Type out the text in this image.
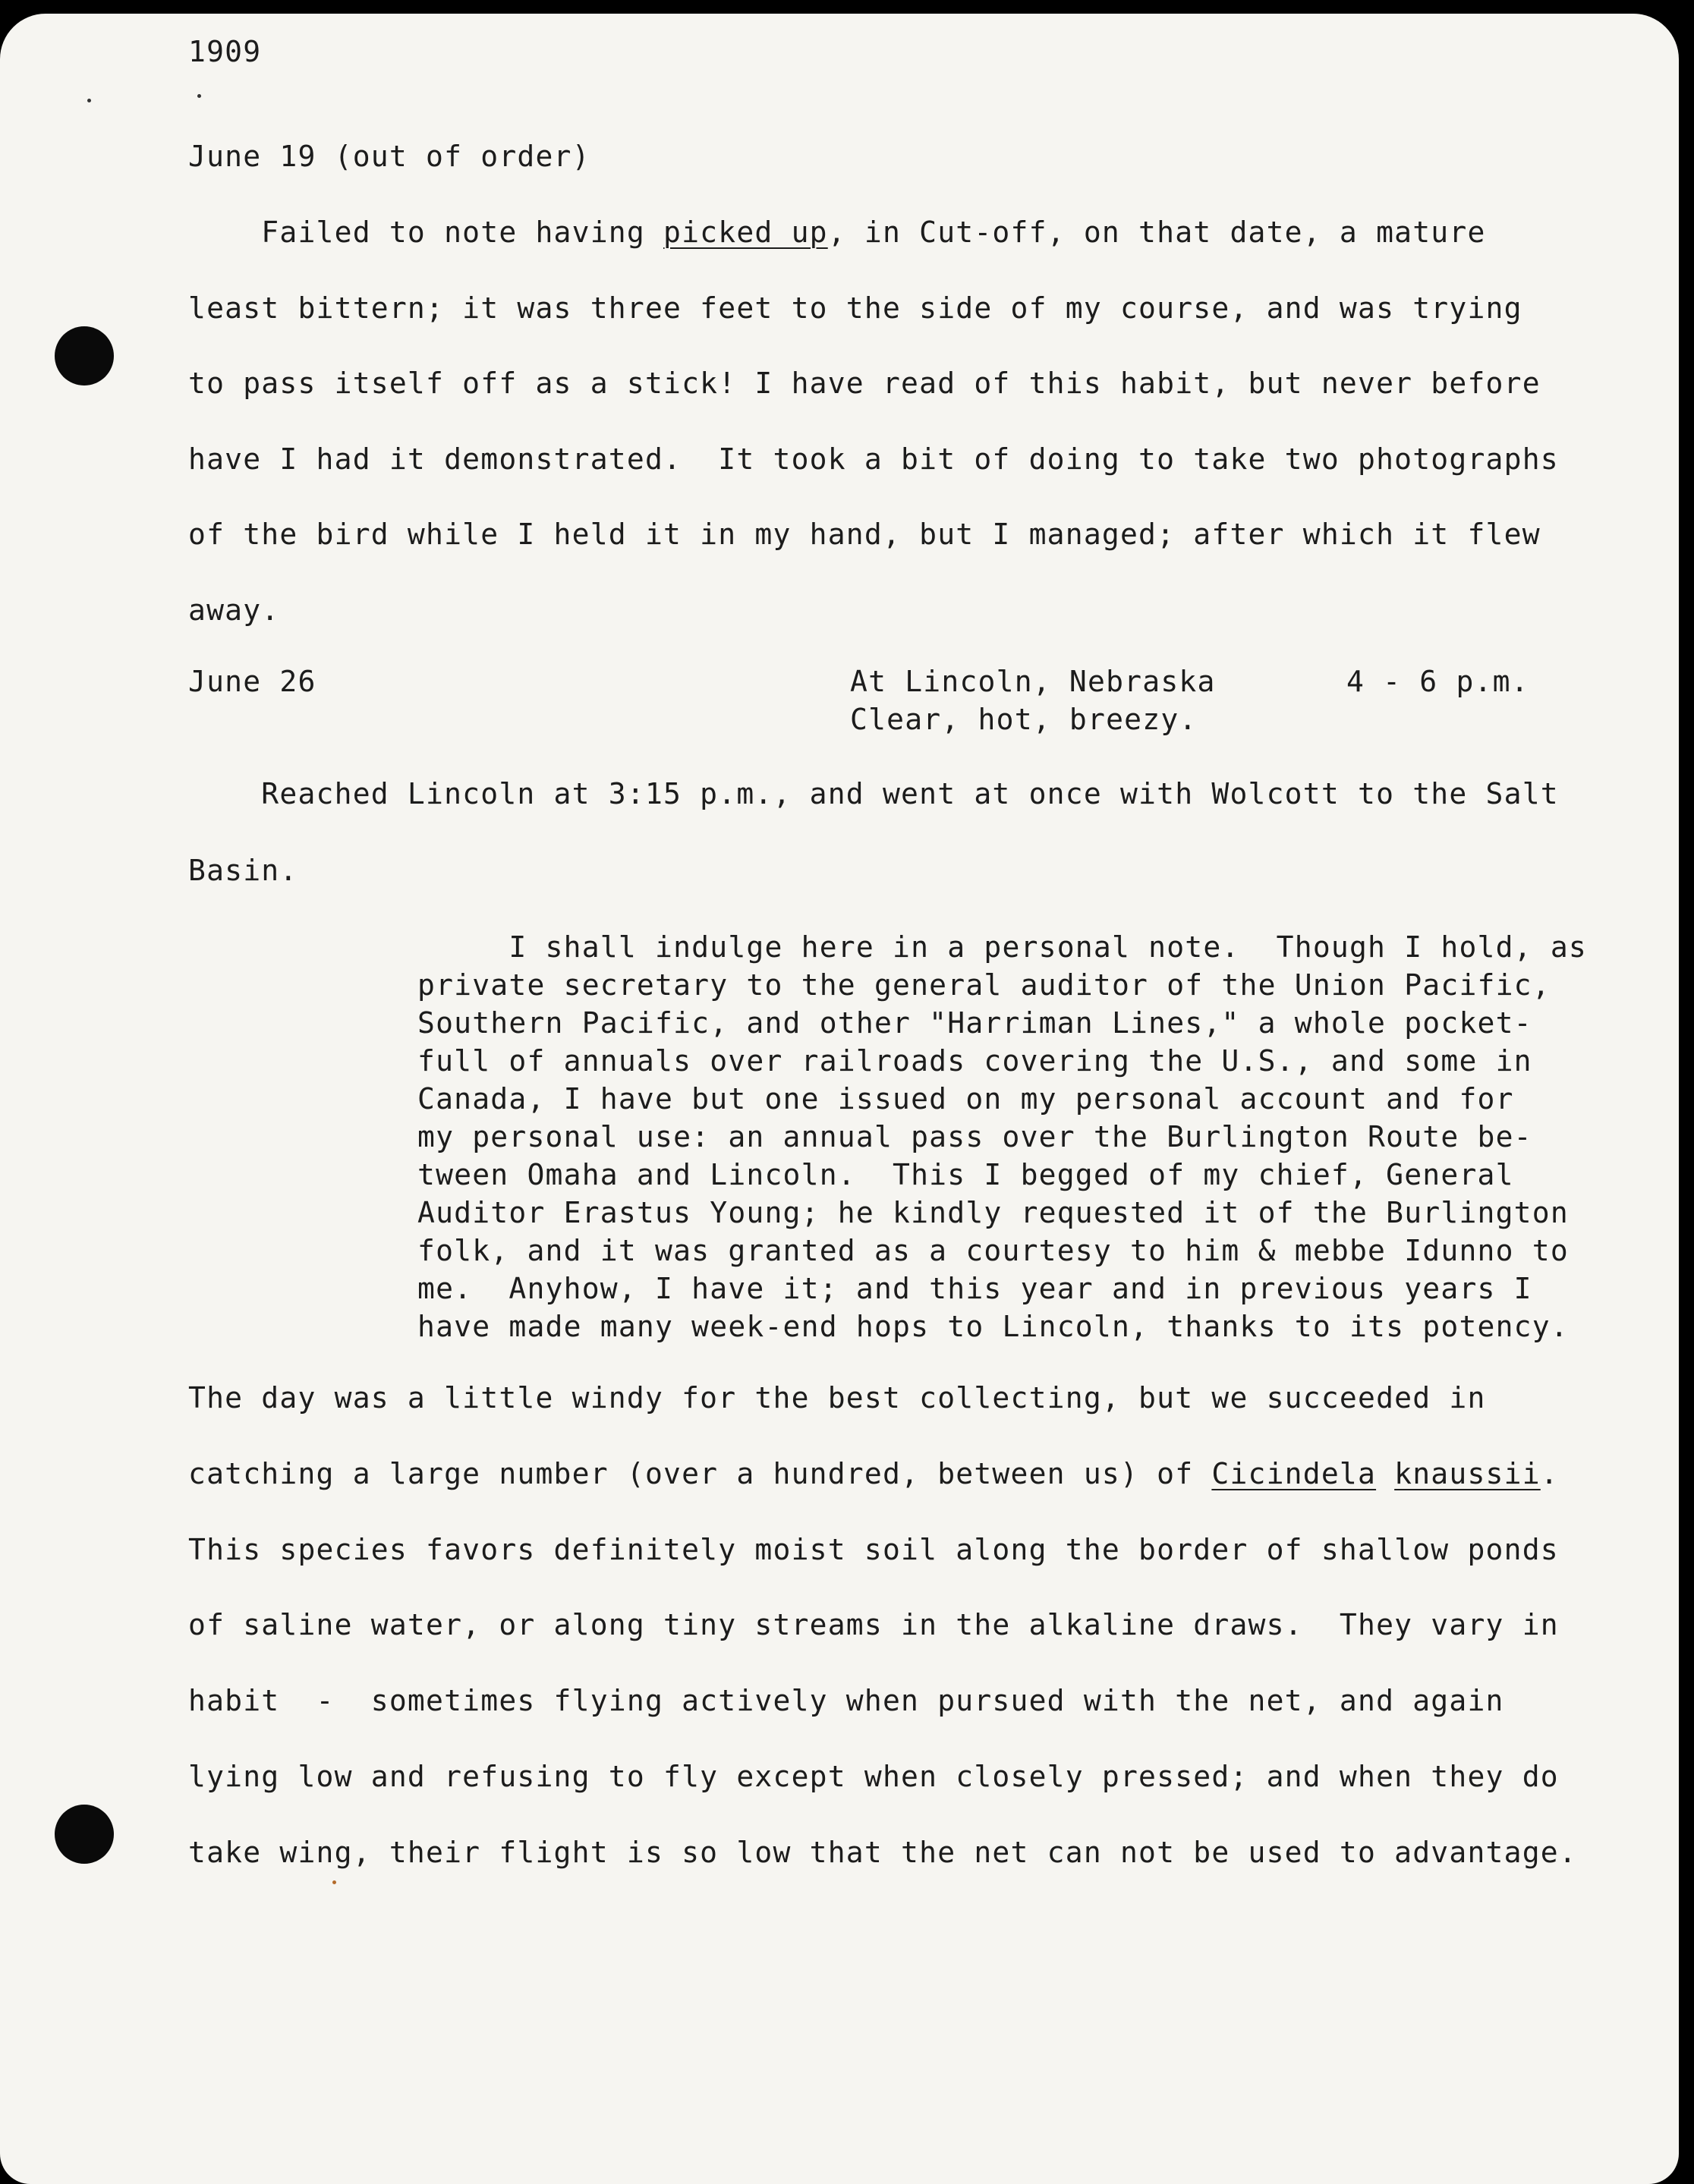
1909
June 19 (out of order)
Failed to note having picked up, in Cut-off, on that date, a mature
least bittern; it was three feet to the side of my course, and was trying
to pass itself off as a stick! I have read of this habit, but never before
have I had it demonstrated.  It took a bit of doing to take two photographs
of the bird while I held it in my hand, but I managed; after which it flew
away.
June 26	At Lincoln, Nebraska	4 - 6 p.m.
Clear, hot, breezy.
Reached Lincoln at 3:15 p.m., and went at once with Wolcott to the Salt
Basin.
I shall indulge here in a personal note.  Though I hold, as
private secretary to the general auditor of the Union Pacific,
Southern Pacific, and other "Harriman Lines," a whole pocket-
full of annuals over railroads covering the U.S., and some in
Canada, I have but one issued on my personal account and for
my personal use: an annual pass over the Burlington Route be-
tween Omaha and Lincoln.  This I begged of my chief, General
Auditor Erastus Young; he kindly requested it of the Burlington
folk, and it was granted as a courtesy to him & mebbe Idunno to
me.  Anyhow, I have it; and this year and in previous years I
have made many week-end hops to Lincoln, thanks to its potency.
The day was a little windy for the best collecting, but we succeeded in
catching a large number (over a hundred, between us) of Cicindela knaussii.
This species favors definitely moist soil along the border of shallow ponds
of saline water, or along tiny streams in the alkaline draws.  They vary in
habit  -  sometimes flying actively when pursued with the net, and again
lying low and refusing to fly except when closely pressed; and when they do
take wing, their flight is so low that the net can not be used to advantage.
